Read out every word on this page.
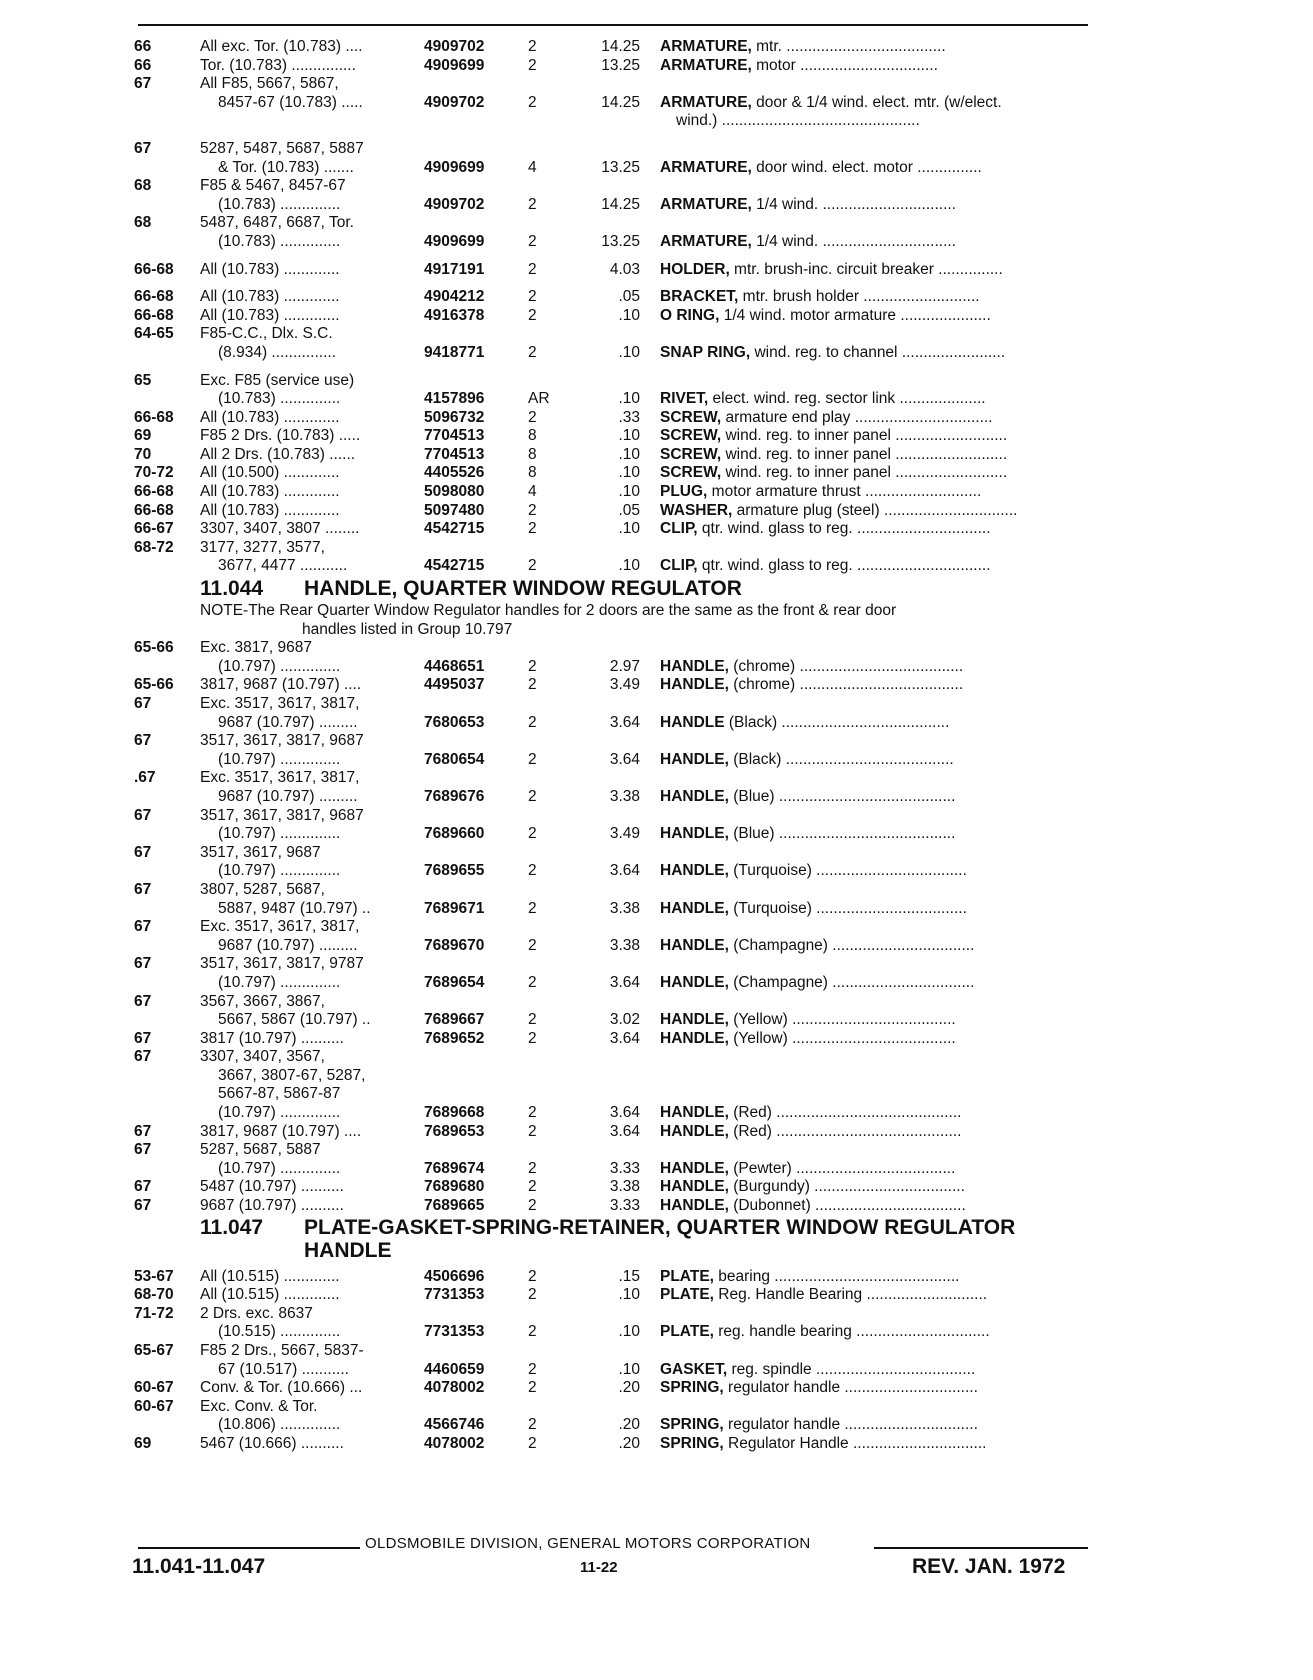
66	All exc. Tor. (10.783) ....	4909702	2	14.25 ARMATURE, mtr. .....................................
66	Tor. (10.783) ...............	4909699	2	13.25 ARMATURE, motor ................................
67	All F85, 5667, 5867,
8457-67 (10.783) .....	4909702	2	14.25 ARMATURE, door & 1/4 wind. elect. mtr. (w/elect.
wind.) ..............................................
67	5287, 5487, 5687, 5887
& Tor. (10.783) .......	4909699	4	13.25 ARMATURE, door wind. elect. motor ...............
68	F85 & 5467, 8457-67
(10.783) ..............	4909702	2	14.25 ARMATURE, 1/4 wind. ...............................
68	5487, 6487, 6687, Tor.
(10.783) ..............	4909699	2	13.25 ARMATURE, 1/4 wind. ...............................
66-68 All (10.783) .............	4917191	2	4.03 HOLDER, mtr. brush-inc. circuit breaker ...............
66-68 All (10.783) .............	4904212	2	.05 BRACKET, mtr. brush holder ...........................
66-68 All (10.783) .............	4916378	2	.10 O RING, 1/4 wind. motor armature .....................
64-65 F85-C.C., Dlx. S.C.
(8.934) ...............	9418771	2	.10 SNAP RING, wind. reg. to channel ........................
65	Exc. F85 (service use)
(10.783) ..............	4157896	AR	.10 RIVET, elect. wind. reg. sector link ....................
66-68 All (10.783) .............	5096732	2	.33 SCREW, armature end play ................................
69	F85 2 Drs. (10.783) .....	7704513	8	.10 SCREW, wind. reg. to inner panel ..........................
70	All 2 Drs. (10.783) ......	7704513	8	.10 SCREW, wind. reg. to inner panel ..........................
70-72 All (10.500) .............	4405526	8	.10 SCREW, wind. reg. to inner panel ..........................
66-68 All (10.783) .............	5098080	4	.10 PLUG, motor armature thrust ...........................
66-68 All (10.783) .............	5097480	2	.05 WASHER, armature plug (steel) ...............................
66-67 3307, 3407, 3807 ........	4542715	2	.10 CLIP, qtr. wind. glass to reg. ...............................
68-72 3177, 3277, 3577,
3677, 4477 ...........	4542715	2	.10 CLIP, qtr. wind. glass to reg. ...............................
11.044 HANDLE, QUARTER WINDOW REGULATOR
NOTE-The Rear Quarter Window Regulator handles for 2 doors are the same as the front & rear door
handles listed in Group 10.797
65-66 Exc. 3817, 9687
(10.797) ..............	4468651	2	2.97 HANDLE, (chrome) ......................................
65-66 3817, 9687 (10.797) ....	4495037	2	3.49 HANDLE, (chrome) ......................................
67	Exc. 3517, 3617, 3817,
9687 (10.797) .........	7680653	2	3.64 HANDLE (Black) .......................................
67	3517, 3617, 3817, 9687
(10.797) ..............	7680654	2	3.64 HANDLE, (Black) .......................................
.67	Exc. 3517, 3617, 3817,
9687 (10.797) .........	7689676	2	3.38 HANDLE, (Blue) .........................................
67	3517, 3617, 3817, 9687
(10.797) ..............	7689660	2	3.49 HANDLE, (Blue) .........................................
67	3517, 3617, 9687
(10.797) ..............	7689655	2	3.64 HANDLE, (Turquoise) ...................................
67	3807, 5287, 5687,
5887, 9487 (10.797) ..	7689671	2	3.38 HANDLE, (Turquoise) ...................................
67	Exc. 3517, 3617, 3817,
9687 (10.797) .........	7689670	2	3.38 HANDLE, (Champagne) .................................
67	3517, 3617, 3817, 9787
(10.797) ..............	7689654	2	3.64 HANDLE, (Champagne) .................................
67	3567, 3667, 3867,
5667, 5867 (10.797) ..	7689667	2	3.02 HANDLE, (Yellow) ......................................
67	3817 (10.797) ..........	7689652	2	3.64 HANDLE, (Yellow) ......................................
67	3307, 3407, 3567,
3667, 3807-67, 5287,
5667-87, 5867-87
(10.797) ..............	7689668	2	3.64 HANDLE, (Red) ...........................................
67	3817, 9687 (10.797) ....	7689653	2	3.64 HANDLE, (Red) ...........................................
67	5287, 5687, 5887
(10.797) ..............	7689674	2	3.33 HANDLE, (Pewter) .....................................
67	5487 (10.797) ..........	7689680	2	3.38 HANDLE, (Burgundy) ...................................
67	9687 (10.797) ..........	7689665	2	3.33 HANDLE, (Dubonnet) ...................................
11.047 PLATE-GASKET-SPRING-RETAINER, QUARTER WINDOW REGULATOR
HANDLE
53-67 All (10.515) .............	4506696	2	.15 PLATE, bearing ...........................................
68-70 All (10.515) .............	7731353	2	.10 PLATE, Reg. Handle Bearing ............................
71-72 2 Drs. exc. 8637
(10.515) ..............	7731353	2	.10 PLATE, reg. handle bearing ...............................
65-67 F85 2 Drs., 5667, 5837-
67 (10.517) ...........	4460659	2	.10 GASKET, reg. spindle .....................................
60-67 Conv. & Tor. (10.666) ...	4078002	2	.20 SPRING, regulator handle ...............................
60-67 Exc. Conv. & Tor.
(10.806) ..............	4566746	2	.20 SPRING, regulator handle ...............................
69	5467 (10.666) ..........	4078002	2	.20 SPRING, Regulator Handle ...............................
OLDSMOBILE DIVISION, GENERAL MOTORS CORPORATION
11.041-11.047	11-22	REV. JAN. 1972
